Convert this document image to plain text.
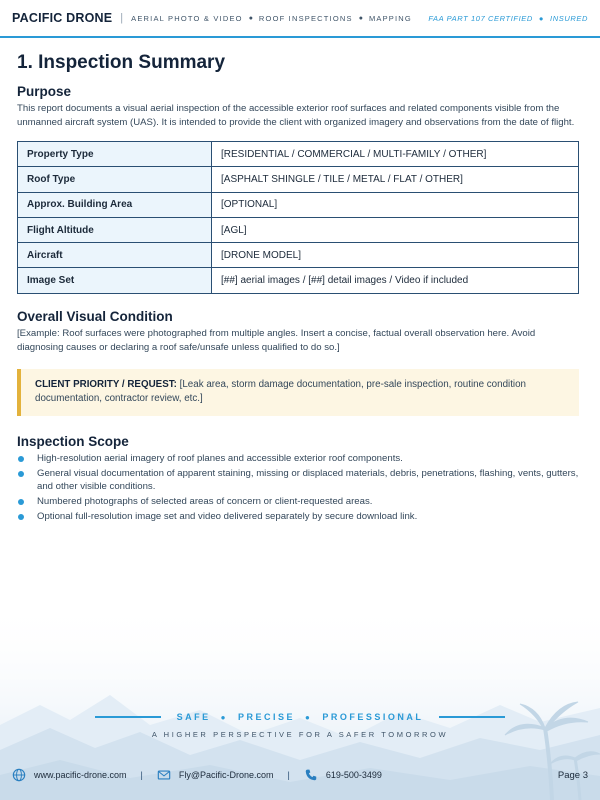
PACIFIC DRONE | AERIAL PHOTO & VIDEO ● ROOF INSPECTIONS ● MAPPING FAA PART 107 CERTIFIED ● INSURED
1. Inspection Summary
Purpose

This report documents a visual aerial inspection of the accessible exterior roof surfaces and related components visible from the unmanned aircraft system (UAS). It is intended to provide the client with organized imagery and observations from the date of flight.

Property Type	[RESIDENTIAL / COMMERCIAL / MULTI-FAMILY / OTHER]
Roof Type	[ASPHALT SHINGLE / TILE / METAL / FLAT / OTHER]
Approx. Building Area	[OPTIONAL]
Flight Altitude	[AGL]
Aircraft	[DRONE MODEL]
Image Set	[##] aerial images / [##] detail images / Video if included
Overall Visual Condition

[Example: Roof surfaces were photographed from multiple angles. Insert a concise, factual overall observation here. Avoid diagnosing causes or declaring a roof safe/unsafe unless qualified to do so.]

CLIENT PRIORITY / REQUEST: [Leak area, storm damage documentation, pre-sale inspection, routine condition documentation, contractor review, etc.]
Inspection Scope
High-resolution aerial imagery of roof planes and accessible exterior roof components.
General visual documentation of apparent staining, missing or displaced materials, debris, penetrations, flashing, vents, gutters, and other visible conditions.
Numbered photographs of selected areas of concern or client-requested areas.
Optional full-resolution image set and video delivered separately by secure download link.
SAFE ● PRECISE ● PROFESSIONAL
A HIGHER PERSPECTIVE FOR A SAFER TOMORROW
www.pacific-drone.com |	Fly@Pacific-Drone.com |	619-500-3499	Page 3
